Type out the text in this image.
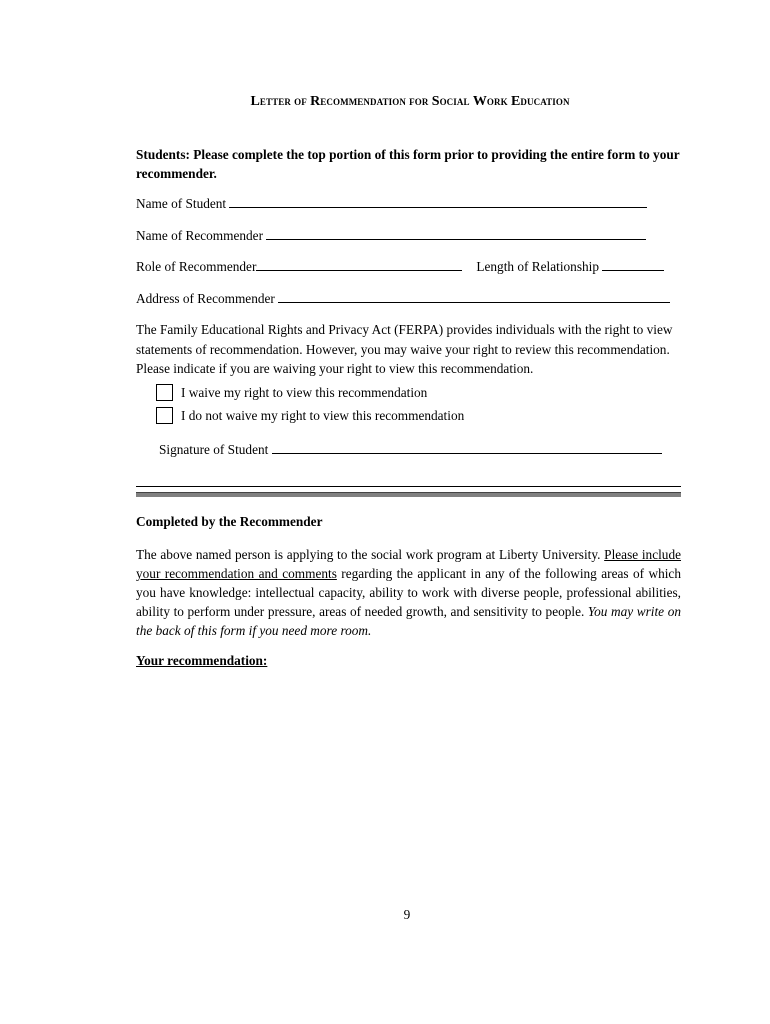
Letter of Recommendation for Social Work Education
Students: Please complete the top portion of this form prior to providing the entire form to your recommender.
Name of Student
Name of Recommender
Role of Recommender	Length of Relationship
Address of Recommender
The Family Educational Rights and Privacy Act (FERPA) provides individuals with the right to view statements of recommendation. However, you may waive your right to review this recommendation. Please indicate if you are waiving your right to view this recommendation.
I waive my right to view this recommendation
I do not waive my right to view this recommendation
Signature of Student
Completed by the Recommender
The above named person is applying to the social work program at Liberty University. Please include your recommendation and comments regarding the applicant in any of the following areas of which you have knowledge: intellectual capacity, ability to work with diverse people, professional abilities, ability to perform under pressure, areas of needed growth, and sensitivity to people. You may write on the back of this form if you need more room.
Your recommendation:
9
